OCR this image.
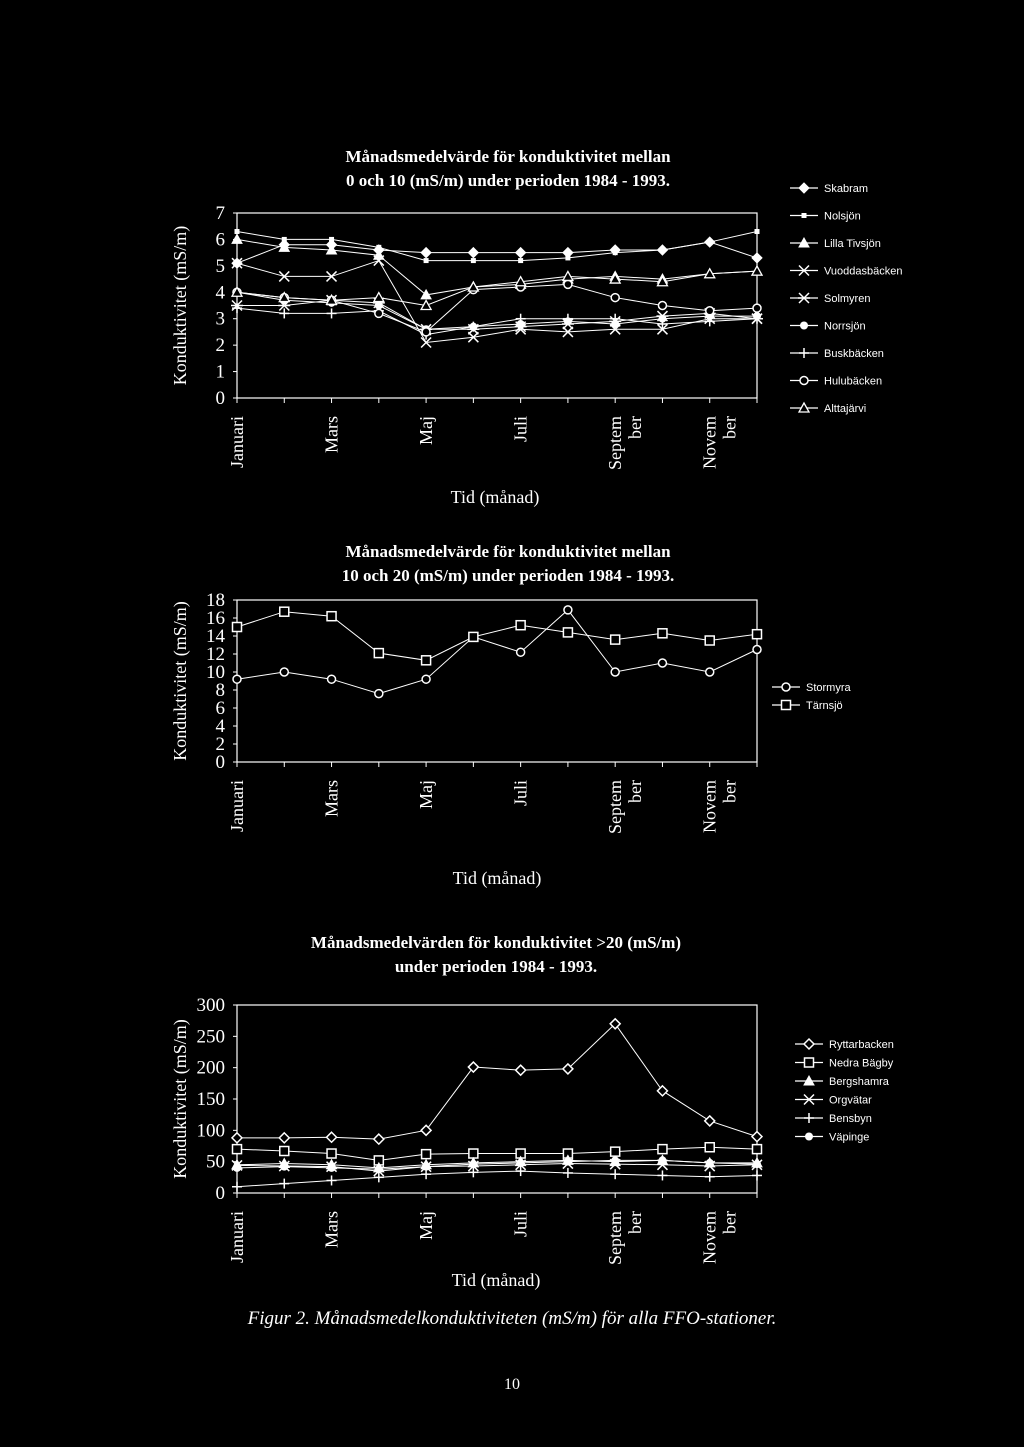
Månadsmedelvärde för konduktivitet mellan
0 och 10 (mS/m) under perioden 1984 - 1993.
0
1
2
3
4
5
6
7
Januari	Mars	Maj	Juli	September	November
Konduktivitet (mS/m)
Tid (månad)
Skabram
Nolsjön
Lilla Tivsjön
Vuoddasbäcken
Solmyren
Norrsjön
Buskbäcken
Hulubäcken
Alttajärvi
Månadsmedelvärde för konduktivitet mellan
10 och 20 (mS/m) under perioden 1984 - 1993.
0
2
4
6
8
10
12
14
16
18
Januari	Mars	Maj	Juli	September	November
Konduktivitet (mS/m)
Tid (månad)
Stormyra
Tärnsjö
Månadsmedelvärden för konduktivitet >20 (mS/m)
under perioden 1984 - 1993.
0
50
100
150
200
250
300
Januari	Mars	Maj	Juli	September	November
Konduktivitet (mS/m)
Tid (månad)
Ryttarbacken
Nedra Bägby
Bergshamra
Orgvätar
Bensbyn
Väpinge
Figur 2. Månadsmedelkonduktiviteten (mS/m) för alla FFO-stationer.
10
